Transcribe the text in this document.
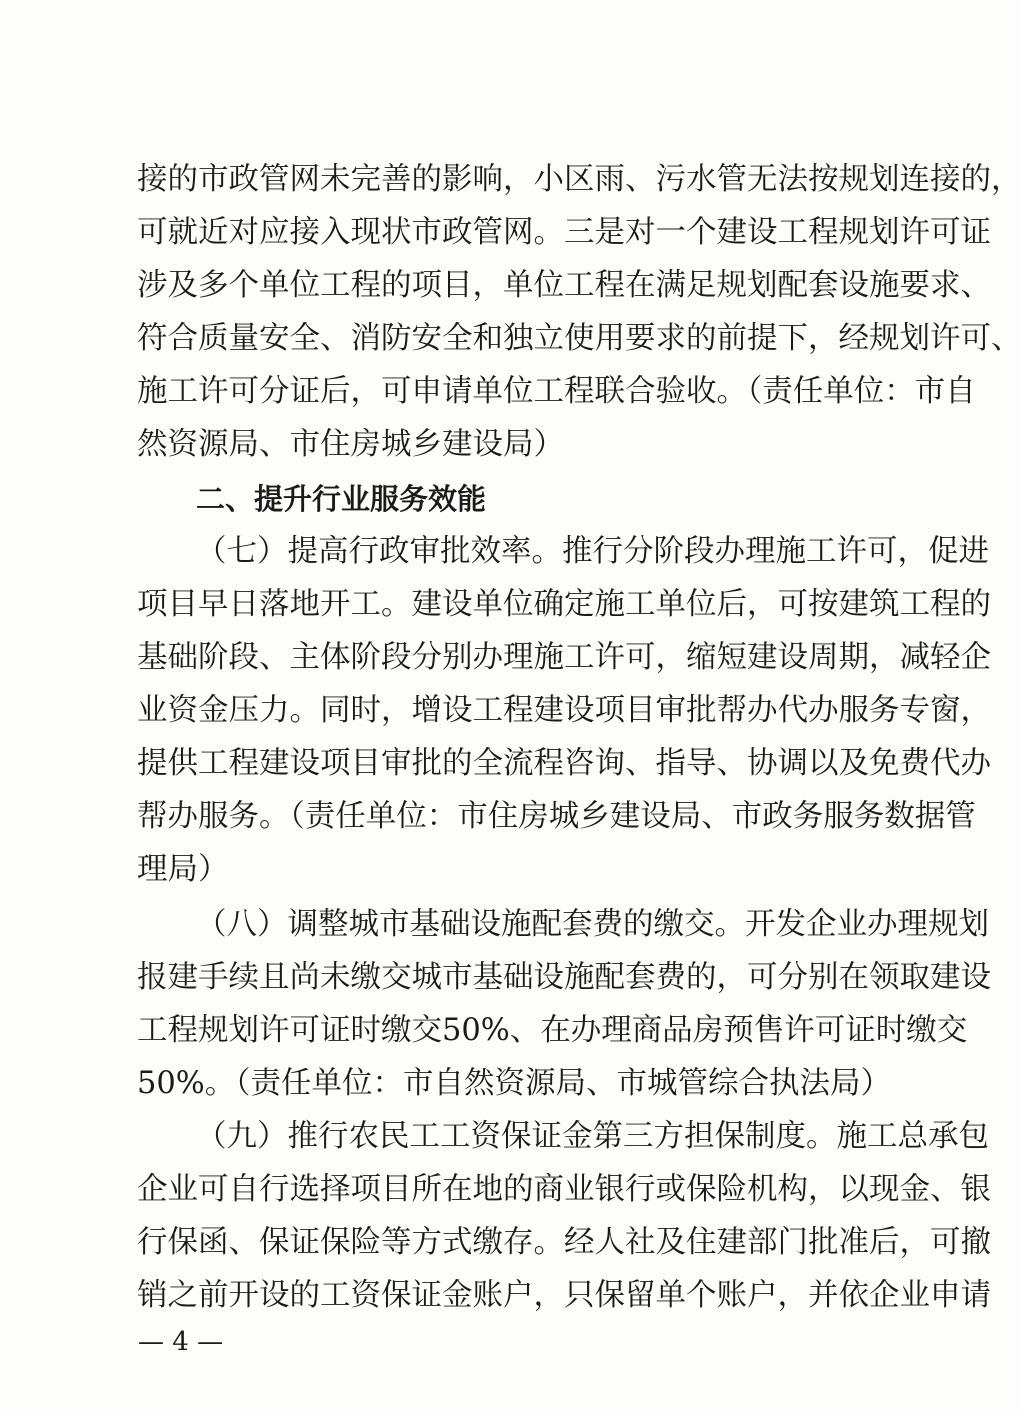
接的市政管网未完善的影响，小区雨、污水管无法按规划连接的，
可就近对应接入现状市政管网。三是对一个建设工程规划许可证
涉及多个单位工程的项目，单位工程在满足规划配套设施要求、
符合质量安全、消防安全和独立使用要求的前提下，经规划许可、
施工许可分证后，可申请单位工程联合验收。（责任单位：市自
然资源局、市住房城乡建设局）
二、提升行业服务效能
（七）提高行政审批效率。推行分阶段办理施工许可，促进
项目早日落地开工。建设单位确定施工单位后，可按建筑工程的
基础阶段、主体阶段分别办理施工许可，缩短建设周期，减轻企
业资金压力。同时，增设工程建设项目审批帮办代办服务专窗，
提供工程建设项目审批的全流程咨询、指导、协调以及免费代办
帮办服务。（责任单位：市住房城乡建设局、市政务服务数据管
理局）
（八）调整城市基础设施配套费的缴交。开发企业办理规划
报建手续且尚未缴交城市基础设施配套费的，可分别在领取建设
工程规划许可证时缴交50%、在办理商品房预售许可证时缴交
50%。（责任单位：市自然资源局、市城管综合执法局）
（九）推行农民工工资保证金第三方担保制度。施工总承包
企业可自行选择项目所在地的商业银行或保险机构，以现金、银
行保函、保证保险等方式缴存。经人社及住建部门批准后，可撤
销之前开设的工资保证金账户，只保留单个账户，并依企业申请
— 4 —
